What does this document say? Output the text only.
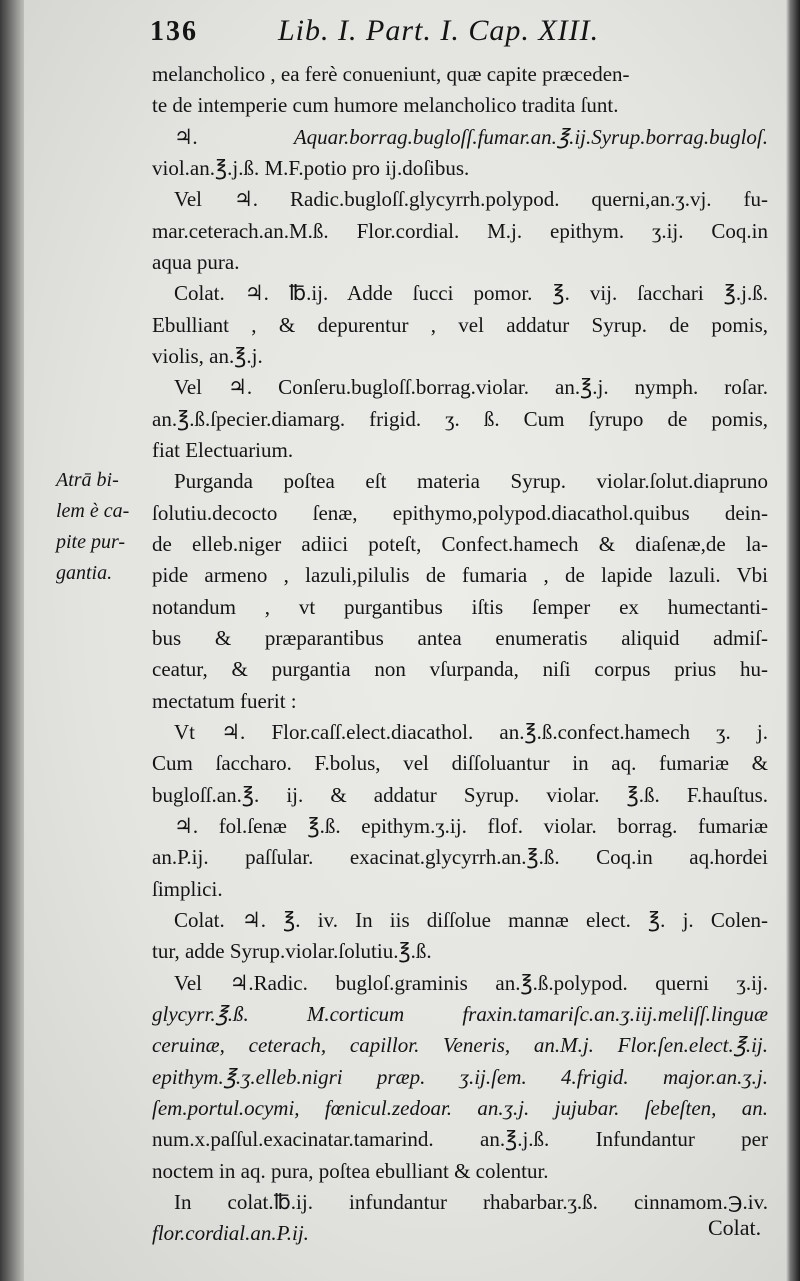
136	Lib. I. Part. I. Cap. XIII.
melancholico , ea ferè conueniunt, quæ capite præceden-
te de intemperie cum humore melancholico tradita ſunt.
♃. Aquar.borrag.bugloſſ.fumar.an.℥.ij.Syrup.borrag.bugloſ.
viol.an.℥.j.ß. M.F.potio pro ij.doſibus.
Vel ♃. Radic.bugloſſ.glycyrrh.polypod. querni,an.ʒ.vj. fu-
mar.ceterach.an.M.ß. Flor.cordial. M.j. epithym. ʒ.ij. Coq.in
aqua pura.
Colat. ♃. ℔.ij. Adde ſucci pomor. ℥. vij. ſacchari ℥.j.ß.
Ebulliant , & depurentur , vel addatur Syrup. de pomis,
violis, an.℥.j.
Vel ♃. Conſeru.bugloſſ.borrag.violar. an.℥.j. nymph. roſar.
an.℥.ß.ſpecier.diamarg. frigid. ʒ. ß. Cum ſyrupo de pomis,
fiat Electuarium.
Purganda poſtea eſt materia Syrup. violar.ſolut.diapruno
ſolutiu.decocto ſenæ, epithymo,polypod.diacathol.quibus dein-
de elleb.niger adiici poteſt, Confect.hamech & diaſenæ,de la-
pide armeno , lazuli,pilulis de fumaria , de lapide lazuli. Vbi
notandum , vt purgantibus iſtis ſemper ex humectanti-
bus & præparantibus antea enumeratis aliquid admiſ-
ceatur, & purgantia non vſurpanda, niſi corpus prius hu-
mectatum fuerit :
Vt ♃. Flor.caſſ.elect.diacathol. an.℥.ß.confect.hamech ʒ. j.
Cum ſaccharo. F.bolus, vel diſſoluantur in aq. fumariæ &
bugloſſ.an.℥. ij. & addatur Syrup. violar. ℥.ß. F.hauſtus.
♃. fol.ſenæ ℥.ß. epithym.ʒ.ij. flof. violar. borrag. fumariæ
an.P.ij. paſſular. exacinat.glycyrrh.an.℥.ß. Coq.in aq.hordei
ſimplici.
Colat. ♃. ℥. iv. In iis diſſolue mannæ elect. ℥. j. Colen-
tur, adde Syrup.violar.ſolutiu.℥.ß.
Vel ♃.Radic. bugloſ.graminis an.℥.ß.polypod. querni ʒ.ij.
glycyrr.℥.ß. M.corticum fraxin.tamariſc.an.ʒ.iij.meliſſ.linguæ
ceruinæ, ceterach, capillor. Veneris, an.M.j. Flor.ſen.elect.℥.ij.
epithym.℥.ʒ.elleb.nigri præp. ʒ.ij.ſem. 4.frigid. major.an.ʒ.j.
ſem.portul.ocymi, fœnicul.zedoar. an.ʒ.j. jujubar. ſebeſten, an.
num.x.paſſul.exacinatar.tamarind. an.℥.j.ß. Infundantur per
noctem in aq. pura, poſtea ebulliant & colentur.
In colat.℔.ij. infundantur rhabarbar.ʒ.ß. cinnamom.℈.iv.
flor.cordial.an.P.ij.
Atrā bi-
lem è ca-
pite pur-
gantia.
Colat.
